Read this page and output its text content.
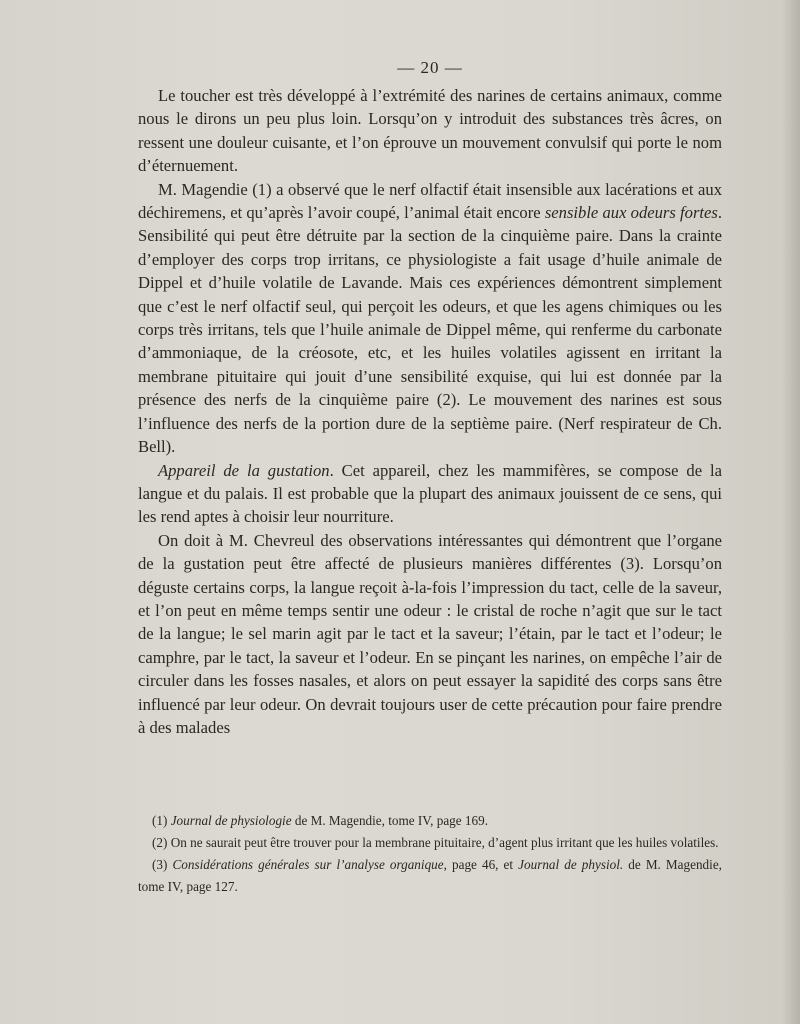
— 20 —

Le toucher est très développé à l’extrémité des narines de certains animaux, comme nous le dirons un peu plus loin. Lorsqu’on y introduit des substances très âcres, on ressent une douleur cuisante, et l’on éprouve un mouvement convulsif qui porte le nom d’éternuement.

M. Magendie (1) a observé que le nerf olfactif était insensible aux lacérations et aux déchiremens, et qu’après l’avoir coupé, l’animal était encore sensible aux odeurs fortes. Sensibilité qui peut être détruite par la section de la cinquième paire. Dans la crainte d’employer des corps trop irritans, ce physiologiste a fait usage d’huile animale de Dippel et d’huile volatile de Lavande. Mais ces expériences démontrent simplement que c’est le nerf olfactif seul, qui perçoit les odeurs, et que les agens chimiques ou les corps très irritans, tels que l’huile animale de Dippel même, qui renferme du carbonate d’ammoniaque, de la créosote, etc, et les huiles volatiles agissent en irritant la membrane pituitaire qui jouit d’une sensibilité exquise, qui lui est donnée par la présence des nerfs de la cinquième paire (2). Le mouvement des narines est sous l’influence des nerfs de la portion dure de la septième paire. (Nerf respirateur de Ch. Bell).

Appareil de la gustation. Cet appareil, chez les mammifères, se compose de la langue et du palais. Il est probable que la plupart des animaux jouissent de ce sens, qui les rend aptes à choisir leur nourriture.

On doit à M. Chevreul des observations intéressantes qui démontrent que l’organe de la gustation peut être affecté de plusieurs manières différentes (3). Lorsqu’on déguste certains corps, la langue reçoit à-la-fois l’impression du tact, celle de la saveur, et l’on peut en même temps sentir une odeur : le cristal de roche n’agit que sur le tact de la langue; le sel marin agit par le tact et la saveur; l’étain, par le tact et l’odeur; le camphre, par le tact, la saveur et l’odeur. En se pinçant les narines, on empêche l’air de circuler dans les fosses nasales, et alors on peut essayer la sapidité des corps sans être influencé par leur odeur. On devrait toujours user de cette précaution pour faire prendre à des malades

(1) Journal de physiologie de M. Magendie, tome IV, page 169.

(2) On ne saurait peut être trouver pour la membrane pituitaire, d’agent plus irritant que les huiles volatiles.

(3) Considérations générales sur l’analyse organique, page 46, et Journal de physiol. de M. Magendie, tome IV, page 127.
